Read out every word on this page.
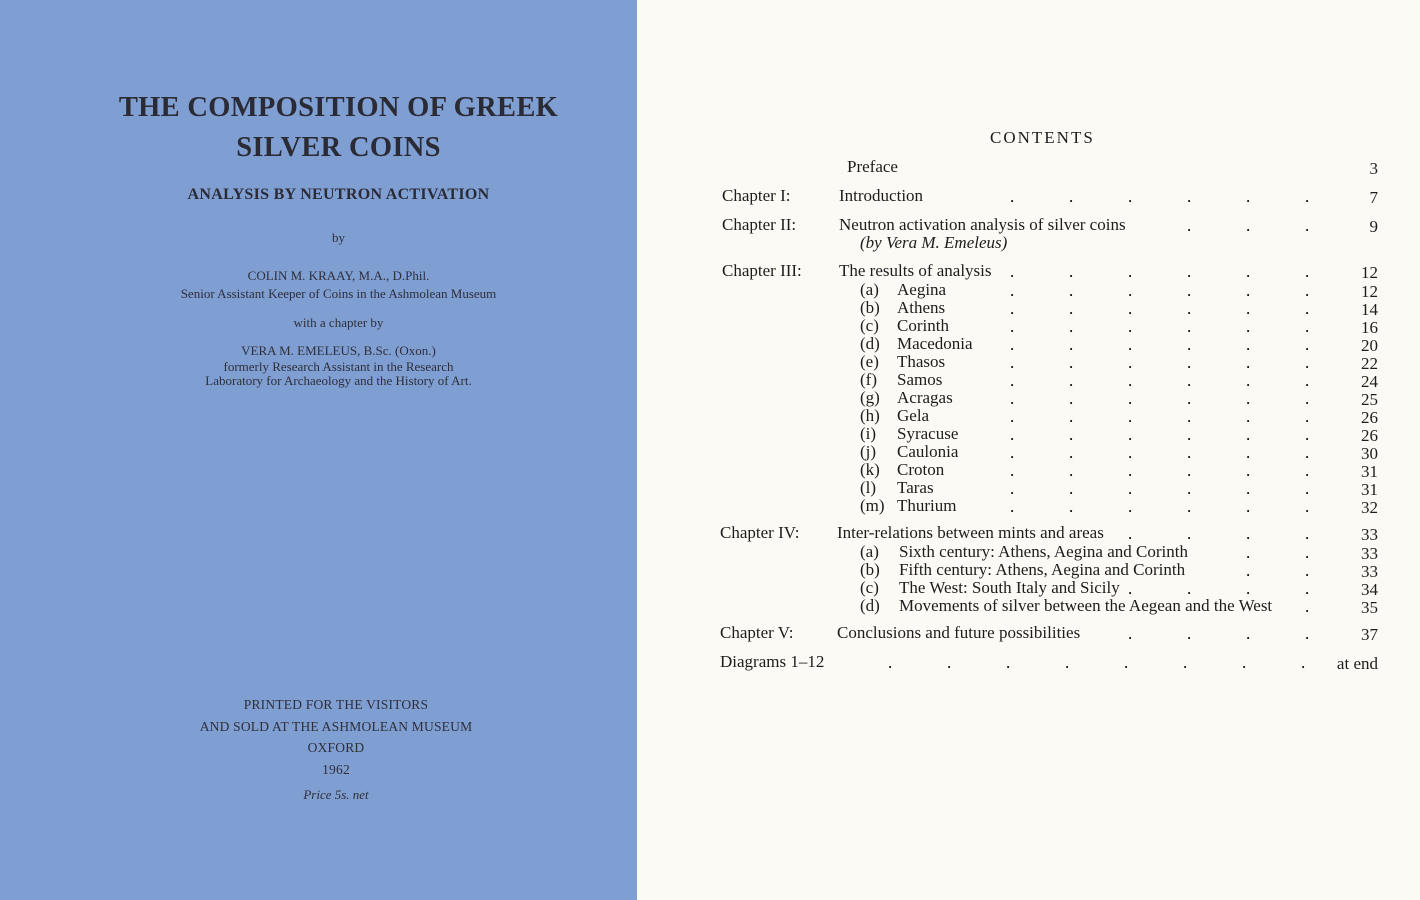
THE COMPOSITION OF GREEK
SILVER COINS
ANALYSIS BY NEUTRON ACTIVATION
by
COLIN M. KRAAY, M.A., D.Phil.
Senior Assistant Keeper of Coins in the Ashmolean Museum
with a chapter by
VERA M. EMELEUS, B.Sc. (Oxon.)
formerly Research Assistant in the Research
Laboratory for Archaeology and the History of Art.
PRINTED FOR THE VISITORS
AND SOLD AT THE ASHMOLEAN MUSEUM
OXFORD
1962
Price 5s. net
CONTENTS
Preface	3
Chapter I:	Introduction	7
.	.	.	.	.	.
Chapter II:	Neutron activation analysis of silver coins	9
.	.	.
(by Vera M. Emeleus)
Chapter III: The results of analysis	12
.	.	.	.	.	.
(a) Aegina	12
.	.	.	.	.	.
(b) Athens	14
.	.	.	.	.	.
(c) Corinth	16
.	.	.	.	.	.
(d) Macedonia	20
.	.	.	.	.	.
(e) Thasos	22
.	.	.	.	.	.
(f) Samos	24
.	.	.	.	.	.
(g) Acragas	25
.	.	.	.	.	.
(h) Gela	26
.	.	.	.	.	.
(i) Syracuse	26
.	.	.	.	.	.
(j) Caulonia	30
.	.	.	.	.	.
(k) Croton	31
.	.	.	.	.	.
(l) Taras	31
.	.	.	.	.	.
(m) Thurium	32
.	.	.	.	.	.
Chapter IV: Inter-relations between mints and areas	33
.	.	.	.
(a) Sixth century: Athens, Aegina and Corinth	33
.	.
(b) Fifth century: Athens, Aegina and Corinth	33
.	.
(c) The West: South Italy and Sicily	34
.	.	.	.
(d) Movements of silver between the Aegean and the West	35
.
Chapter V:	Conclusions and future possibilities	37
.	.	.	.
Diagrams 1–12	at end
.	.	.	.	.	.	.	.
